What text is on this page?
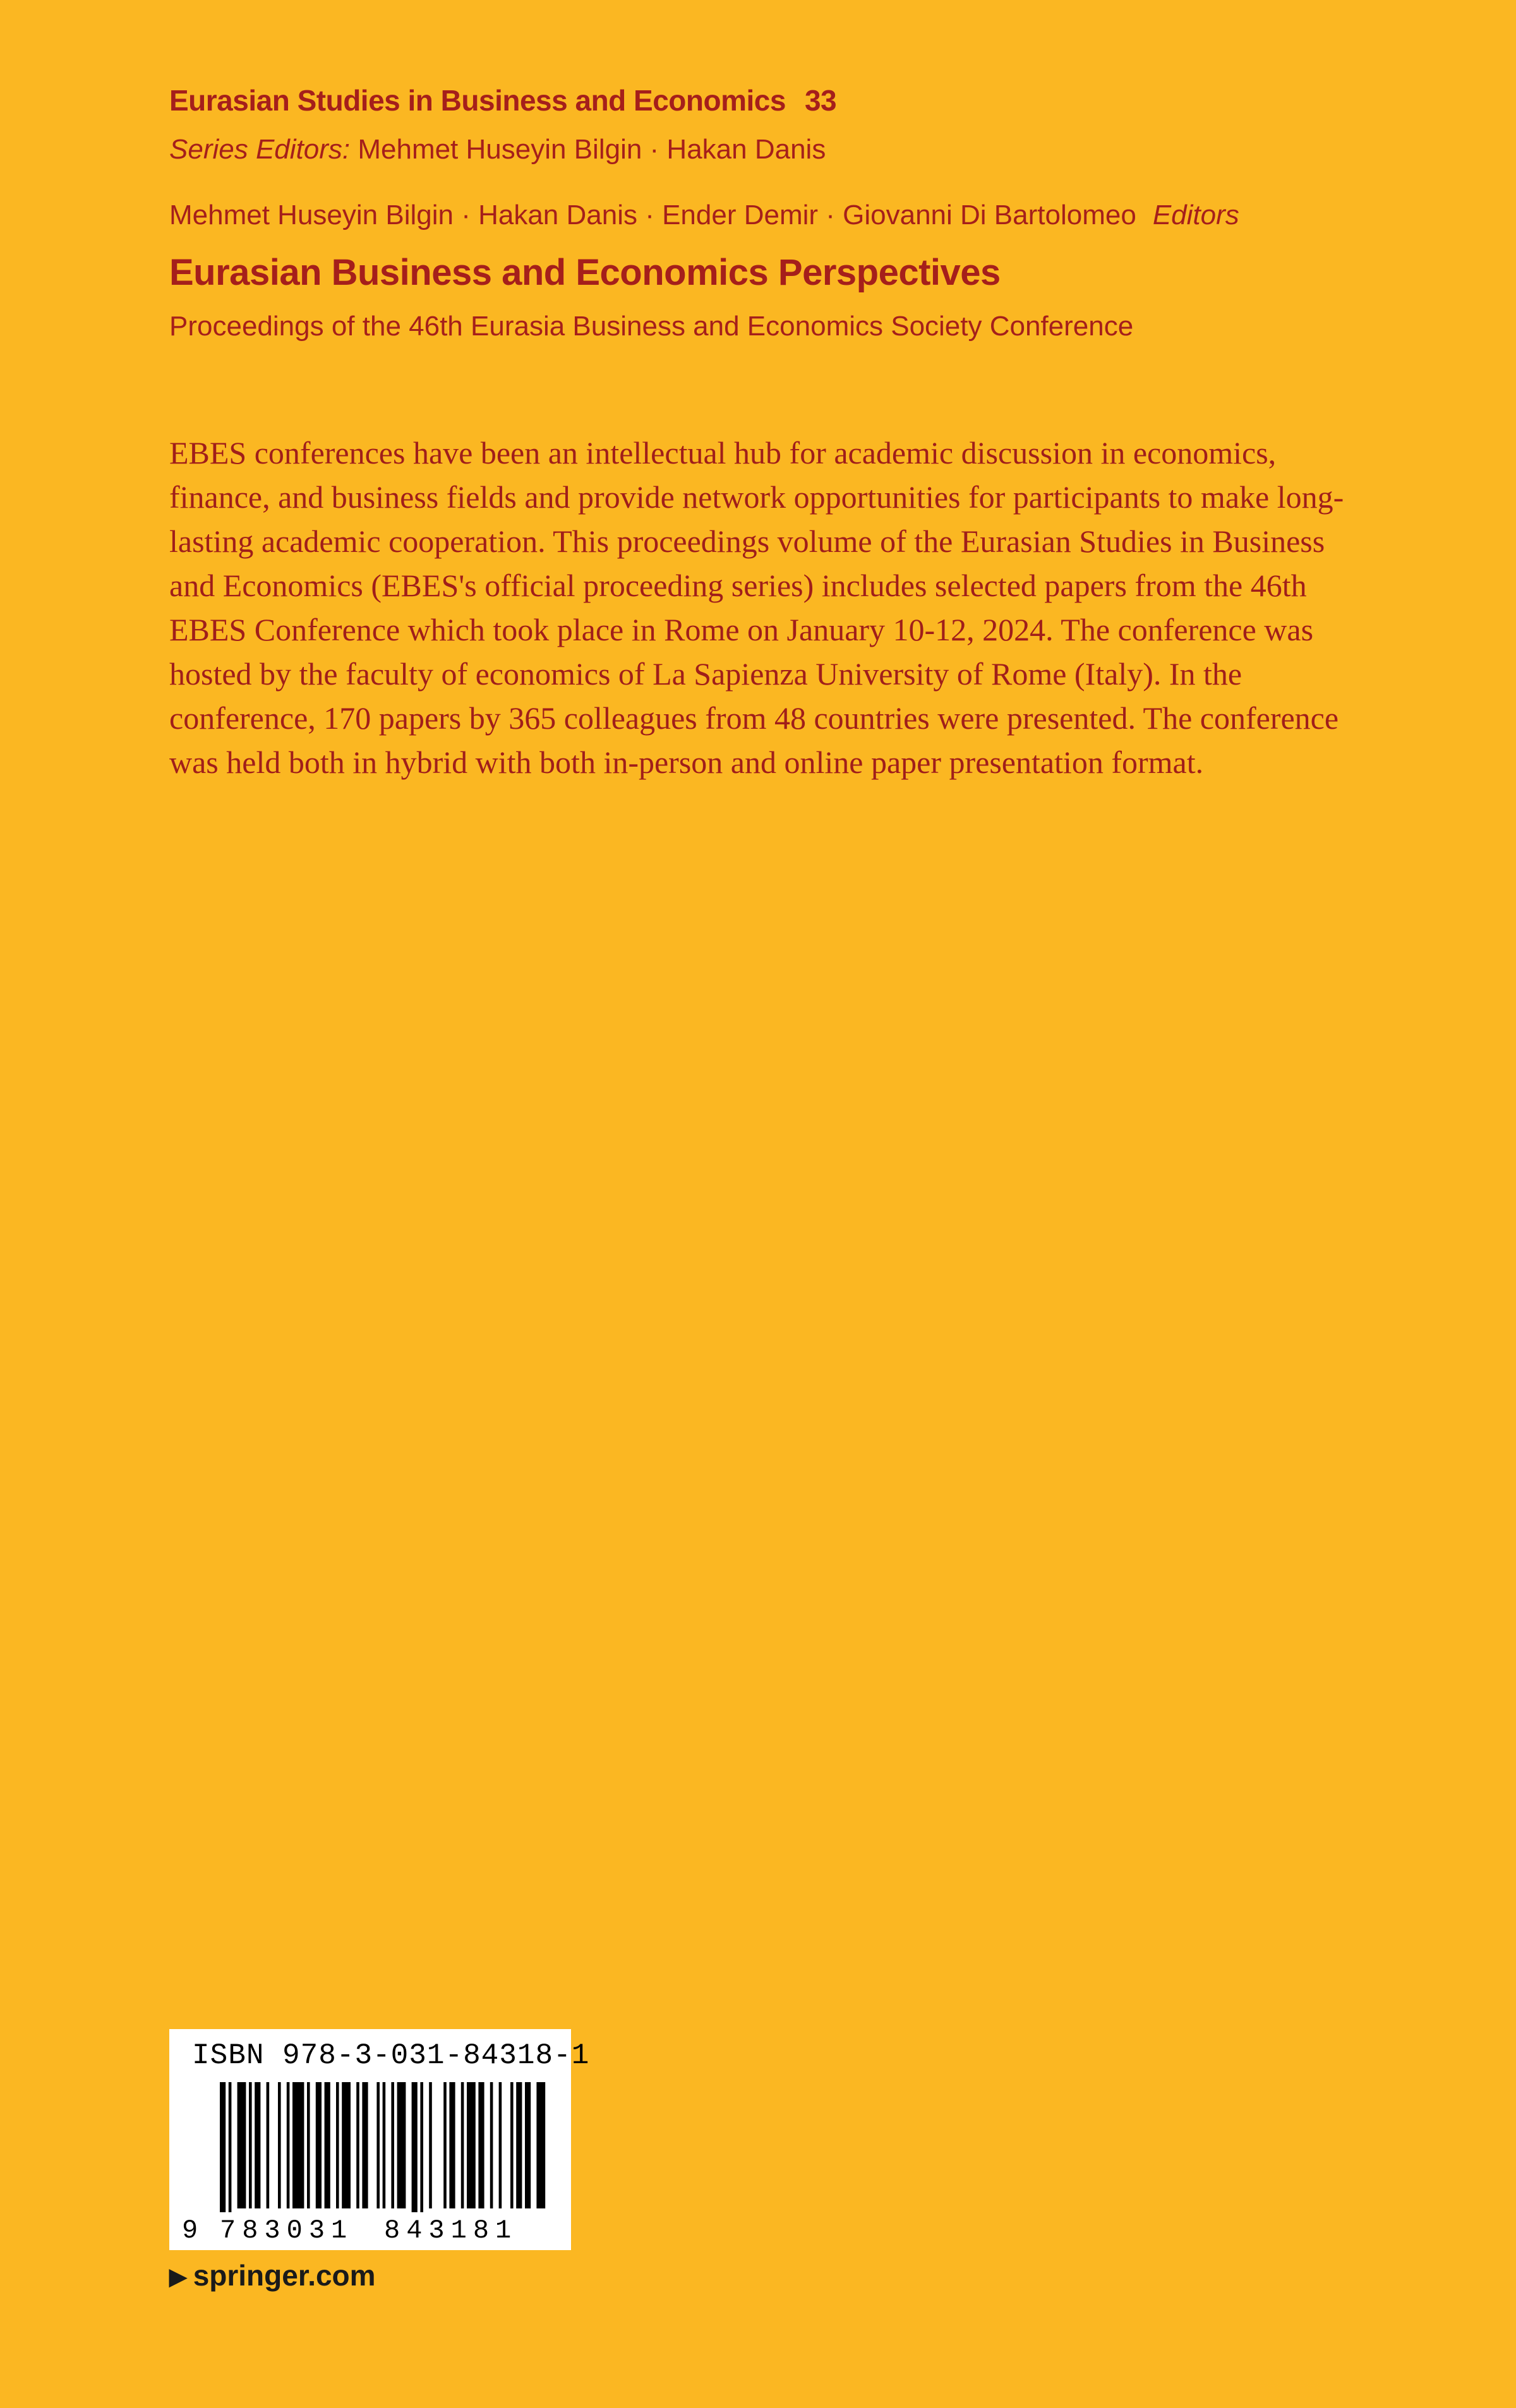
Eurasian Studies in Business and Economics 33
Series Editors: Mehmet Huseyin Bilgin · Hakan Danis
Mehmet Huseyin Bilgin · Hakan Danis · Ender Demir · Giovanni Di Bartolomeo Editors
Eurasian Business and Economics Perspectives
Proceedings of the 46th Eurasia Business and Economics Society Conference

EBES conferences have been an intellectual hub for academic discussion in economics, finance, and business fields and provide network opportunities for participants to make long-lasting academic cooperation. This proceedings volume of the Eurasian Studies in Business and Economics (EBES's official proceeding series) includes selected papers from the 46th EBES Conference which took place in Rome on January 10-12, 2024. The conference was hosted by the faculty of economics of La Sapienza University of Rome (Italy). In the conference, 170 papers by 365 colleagues from 48 countries were presented. The conference was held both in hybrid with both in-person and online paper presentation format.

9 783031 843181
ISBN 978-3-031-84318-1
▶ springer.com
